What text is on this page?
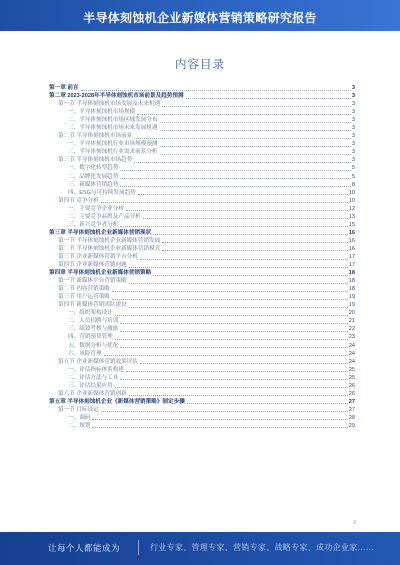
半导体刻蚀机企业新媒体营销策略研究报告
内容目录
第一章 前言	3
第二章 2023-2028年半导体刻蚀机市场前景及趋势预测	3
第一节 半导体刻蚀机市场发展及未来机遇	3
一、半导体刻蚀机市场规模	3
二、半导体刻蚀机市场区域发展分布	3
三、半导体刻蚀机市场未来发展机遇	3
第二节 半导体刻蚀机市场前景	3
一、半导体刻蚀机行业市场规模预测	3
二、半导体刻蚀机行业需求前景分析	3
第三节 半导体刻蚀机市场趋势	3
一、数字化转型趋势	5
二、品牌化发展趋势	5
三、新媒体营销趋势	8
四、ESG与可持续发展趋势	10
第四节 竞争分析	10
一、主要竞争企业分析	12
二、主要竞争品牌及产品分析	13
三、新兴竞争者分析	15
第三章 半导体刻蚀机企业新媒体营销现状	16
第一节 半导体刻蚀机企业新媒体营销发展	16
第二节 半导体刻蚀机企业新媒体营销模式	16
第三节 企业新媒体营销平台分析	17
第四节 企业新媒体营销问题	17
第四章 半导体刻蚀机企业新媒体营销策略	18
第一节 新媒体平台营销策略	18
第二节 内容营销策略	18
第三节 用户运营策略	19
第四节 新媒体营销团队建设	19
一、组织架构设计	20
二、人员招聘与培训	21
三、绩效考核与激励	22
四、营销预算管理	23
五、数据分析与优化	24
六、风险管理	24
第五节 企业新媒体营销效果评估	24
一、评估指标体系构建	25
二、评估方法与工具	25
三、评估结果应用	26
第六节 企业新媒体营销创新	26
第五章 半导体刻蚀机企业《新媒体营销策略》制定步骤	27
第一节 目标设定	27
一、调研	28
二、规划	29
2
让每个人都能成为	行业专家、管理专家、营销专家、战略专家、成功企业家……
